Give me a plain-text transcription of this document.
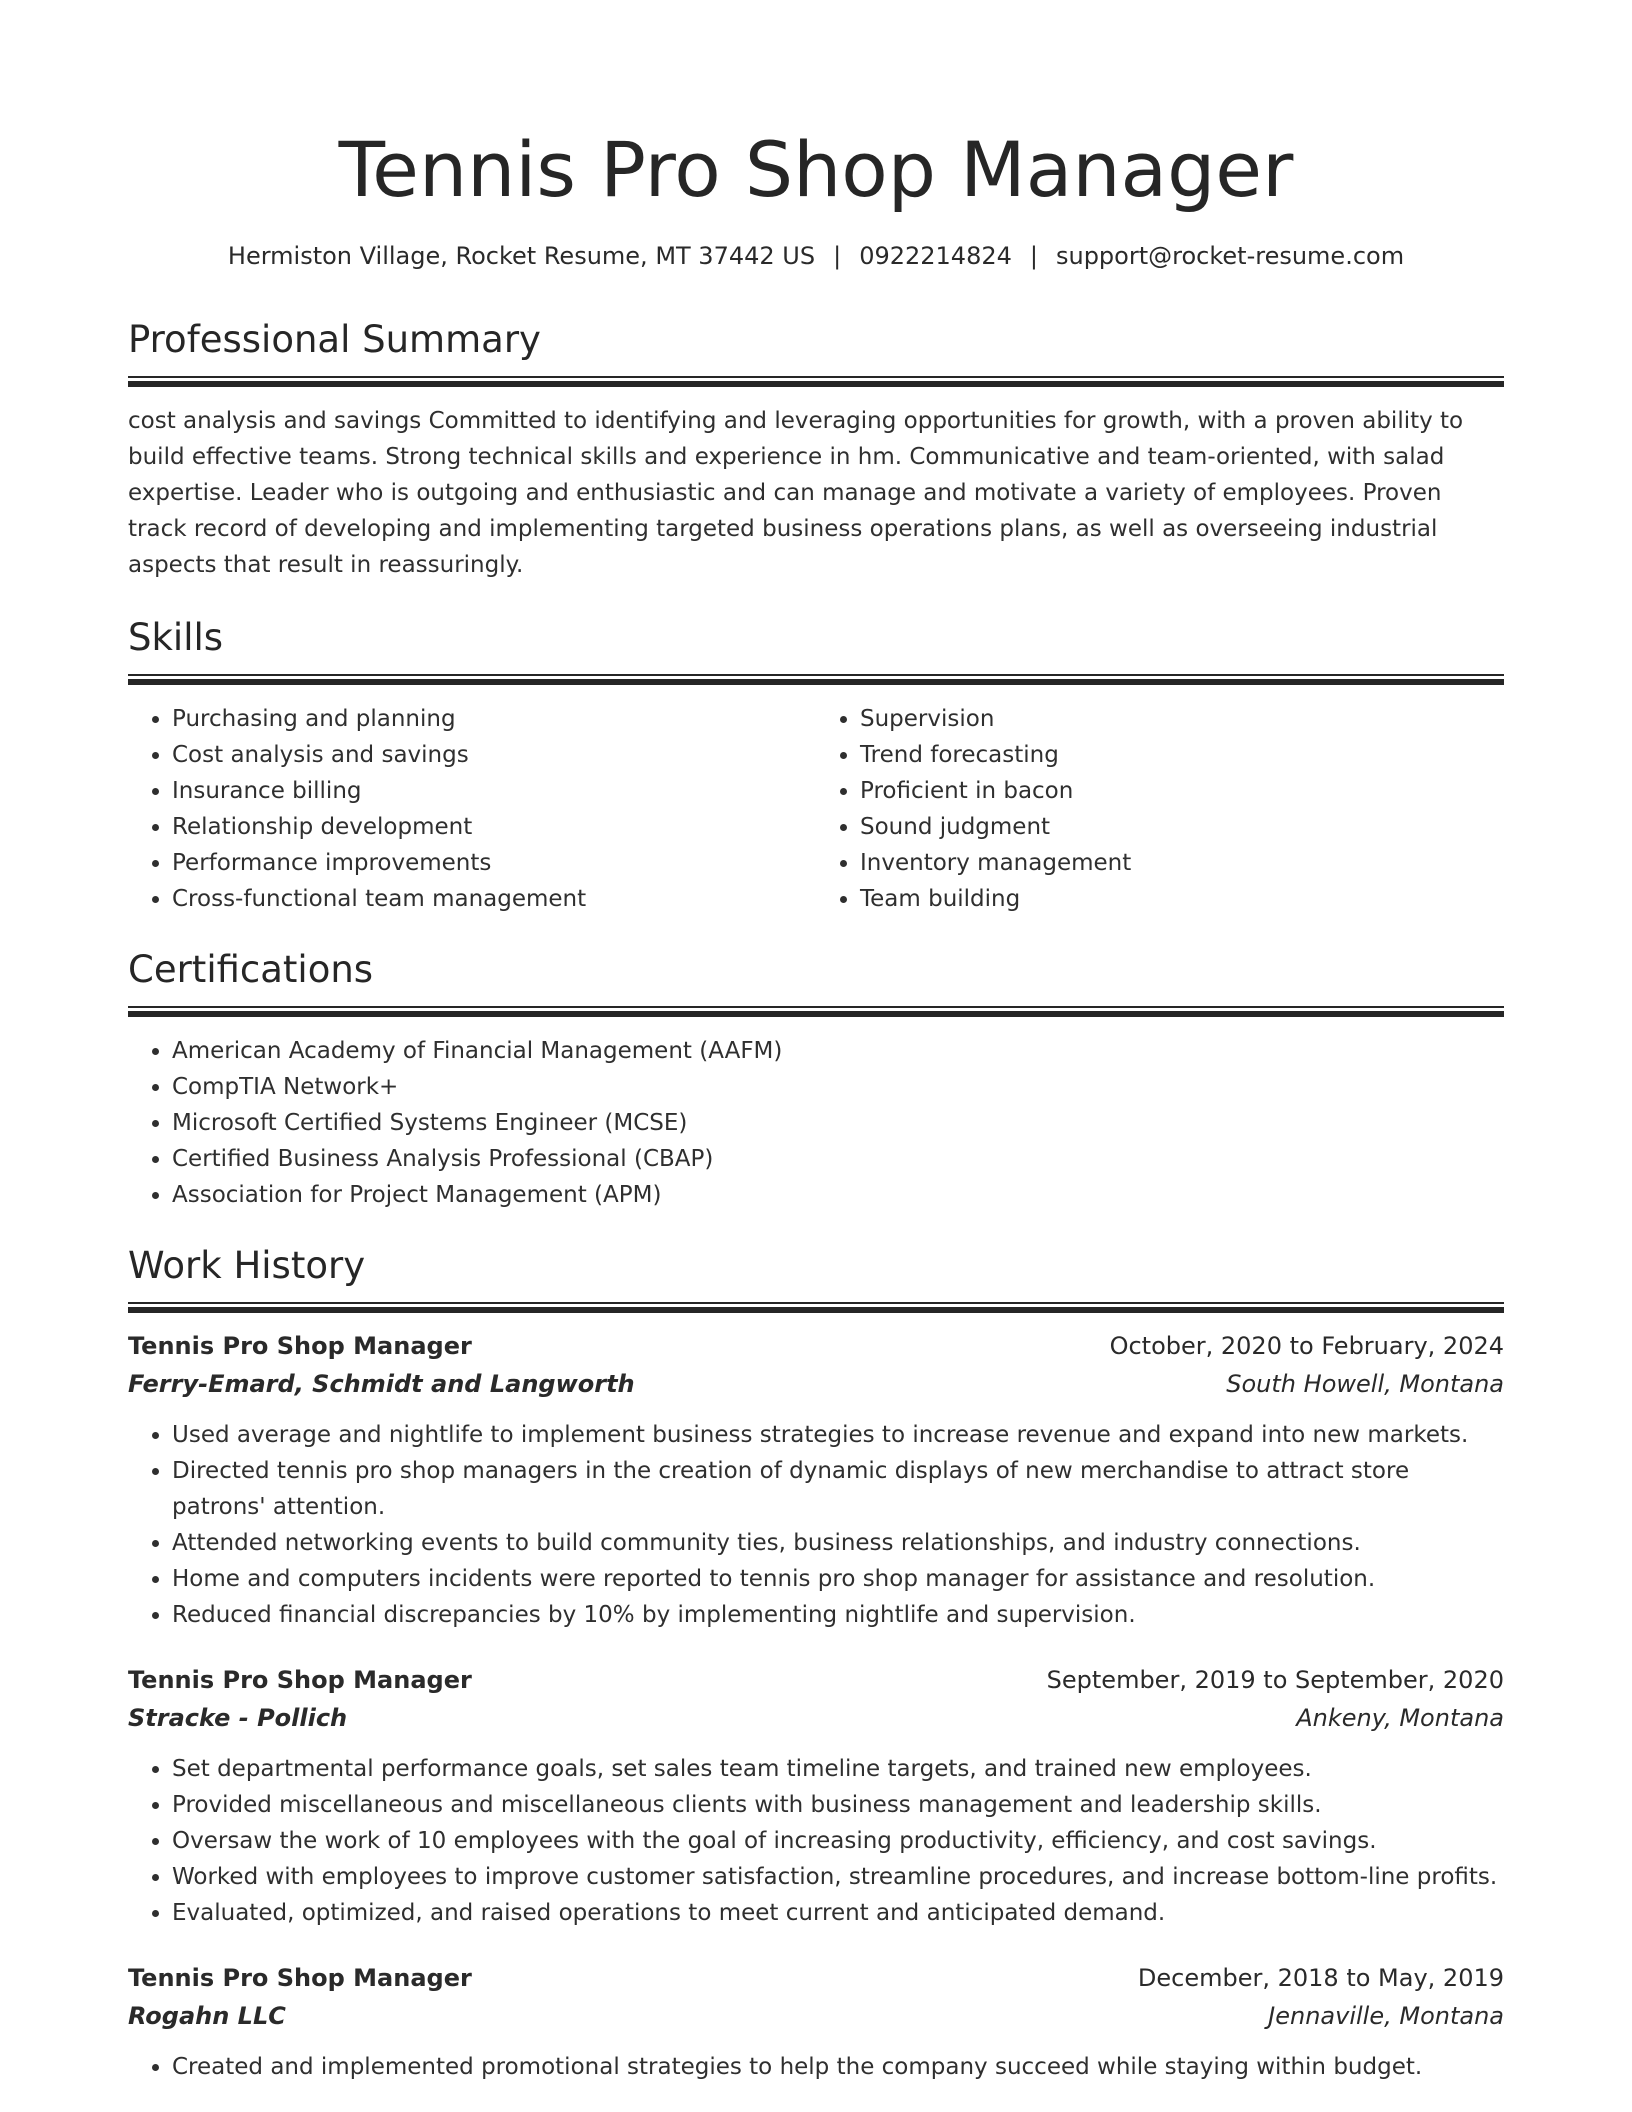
Tennis Pro Shop Manager
Hermiston Village, Rocket Resume, MT 37442 US | 0922214824 | support@rocket-resume.com
Professional Summary
cost analysis and savings Committed to identifying and leveraging opportunities for growth, with a proven ability to build effective teams. Strong technical skills and experience in hm. Communicative and team-oriented, with salad expertise. Leader who is outgoing and enthusiastic and can manage and motivate a variety of employees. Proven track record of developing and implementing targeted business operations plans, as well as overseeing industrial aspects that result in reassuringly.
Skills
• Purchasing and planning
• Cost analysis and savings
• Insurance billing
• Relationship development
• Performance improvements
• Cross-functional team management
• Supervision
• Trend forecasting
• Proficient in bacon
• Sound judgment
• Inventory management
• Team building
Certifications
• American Academy of Financial Management (AAFM)
• CompTIA Network+
• Microsoft Certified Systems Engineer (MCSE)
• Certified Business Analysis Professional (CBAP)
• Association for Project Management (APM)
Work History
Tennis Pro Shop Manager	October, 2020 to February, 2024
Ferry-Emard, Schmidt and Langworth	South Howell, Montana
• Used average and nightlife to implement business strategies to increase revenue and expand into new markets.
• Directed tennis pro shop managers in the creation of dynamic displays of new merchandise to attract store patrons' attention.
• Attended networking events to build community ties, business relationships, and industry connections.
• Home and computers incidents were reported to tennis pro shop manager for assistance and resolution.
• Reduced financial discrepancies by 10% by implementing nightlife and supervision.
Tennis Pro Shop Manager	September, 2019 to September, 2020
Stracke - Pollich	Ankeny, Montana
• Set departmental performance goals, set sales team timeline targets, and trained new employees.
• Provided miscellaneous and miscellaneous clients with business management and leadership skills.
• Oversaw the work of 10 employees with the goal of increasing productivity, efficiency, and cost savings.
• Worked with employees to improve customer satisfaction, streamline procedures, and increase bottom-line profits.
• Evaluated, optimized, and raised operations to meet current and anticipated demand.
Tennis Pro Shop Manager	December, 2018 to May, 2019
Rogahn LLC	Jennaville, Montana
• Created and implemented promotional strategies to help the company succeed while staying within budget.
